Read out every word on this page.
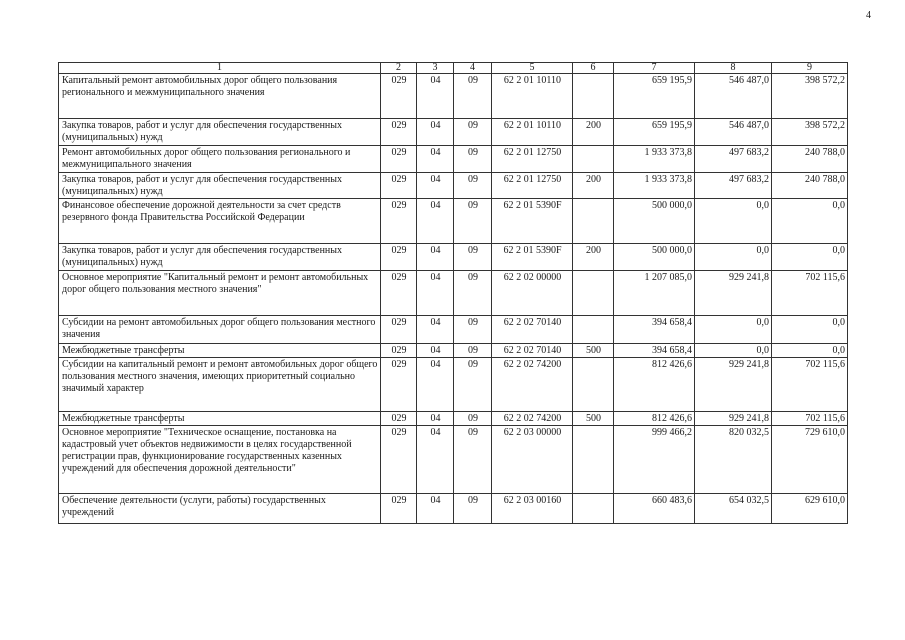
4
1	2	3	4	5	6	7	8	9
Капитальный ремонт автомобильных дорог общего пользования регионального и межмуниципального значения	029	04	09	62 2 01 10110		659 195,9	546 487,0	398 572,2
Закупка товаров, работ и услуг для обеспечения государственных (муниципальных) нужд	029	04	09	62 2 01 10110	200	659 195,9	546 487,0	398 572,2
Ремонт автомобильных дорог общего пользования регионального и межмуниципального значения	029	04	09	62 2 01 12750		1 933 373,8	497 683,2	240 788,0
Закупка товаров, работ и услуг для обеспечения государственных (муниципальных) нужд	029	04	09	62 2 01 12750	200	1 933 373,8	497 683,2	240 788,0
Финансовое обеспечение дорожной деятельности за счет средств резервного фонда Правительства Российской Федерации	029	04	09	62 2 01 5390F		500 000,0	0,0	0,0
Закупка товаров, работ и услуг для обеспечения государственных (муниципальных) нужд	029	04	09	62 2 01 5390F	200	500 000,0	0,0	0,0
Основное мероприятие "Капитальный ремонт и ремонт автомобильных дорог общего пользования местного значения"	029	04	09	62 2 02 00000		1 207 085,0	929 241,8	702 115,6
Субсидии на ремонт автомобильных дорог общего пользования местного значения	029	04	09	62 2 02 70140		394 658,4	0,0	0,0
Межбюджетные трансферты	029	04	09	62 2 02 70140	500	394 658,4	0,0	0,0
Субсидии на капитальный ремонт и ремонт автомобильных дорог общего пользования местного значения, имеющих приоритетный социально значимый характер	029	04	09	62 2 02 74200		812 426,6	929 241,8	702 115,6
Межбюджетные трансферты	029	04	09	62 2 02 74200	500	812 426,6	929 241,8	702 115,6
Основное мероприятие "Техническое оснащение, постановка на кадастровый учет объектов недвижимости в целях государственной регистрации прав, функционирование государственных казенных учреждений для обеспечения дорожной деятельности"	029	04	09	62 2 03 00000		999 466,2	820 032,5	729 610,0
Обеспечение деятельности (услуги, работы) государственных учреждений	029	04	09	62 2 03 00160		660 483,6	654 032,5	629 610,0
